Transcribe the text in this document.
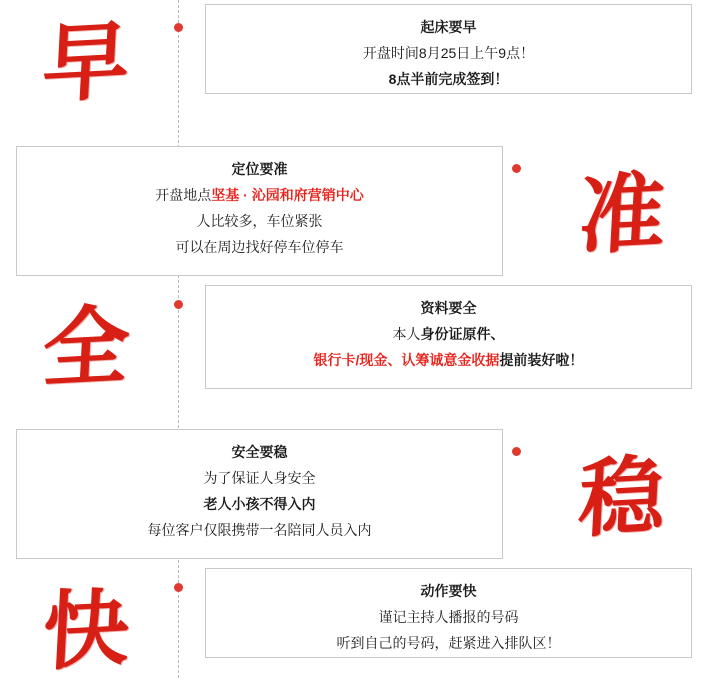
早	起床要早
开盘时间8月25日上午9点！
8点半前完成签到！
准
定位要准
开盘地点坚基 · 沁园和府营销中心
人比较多，车位紧张
可以在周边找好停车位停车
全	资料要全
本人身份证原件、
银行卡/现金、认筹诚意金收据提前装好啦！
稳
安全要稳
为了保证人身安全
老人小孩不得入内
每位客户仅限携带一名陪同人员入内
快	动作要快
谨记主持人播报的号码
听到自己的号码，赶紧进入排队区！
